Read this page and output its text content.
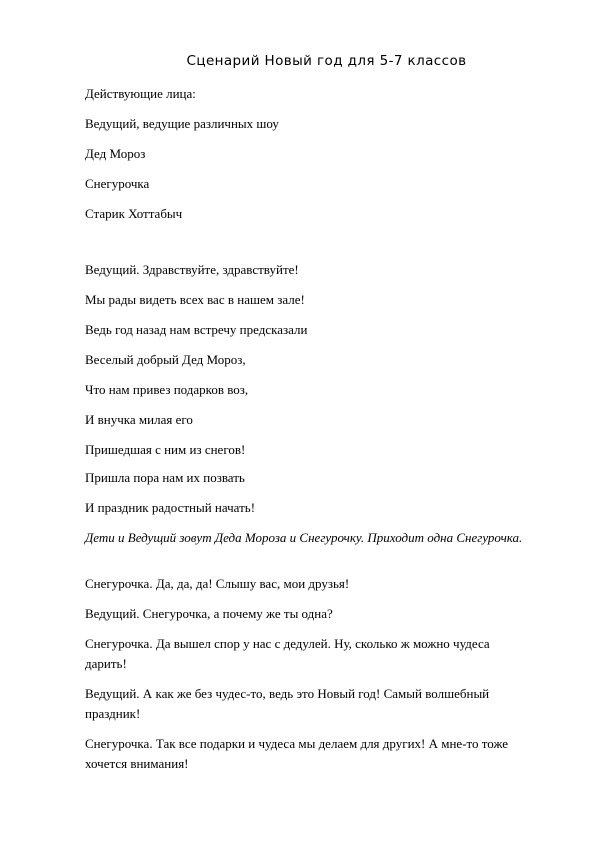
Сценарий Новый год для 5-7 классов
Действующие лица:
Ведущий, ведущие различных шоу
Дед Мороз
Снегурочка
Старик Хоттабыч
Ведущий. Здравствуйте, здравствуйте!
Мы рады видеть всех вас в нашем зале!
Ведь год назад нам встречу предсказали
Веселый добрый Дед Мороз,
Что нам привез подарков воз,
И внучка милая его
Пришедшая с ним из снегов!
Пришла пора нам их позвать
И праздник радостный начать!
Дети и Ведущий зовут Деда Мороза и Снегурочку. Приходит одна Снегурочка.
Снегурочка. Да, да, да! Слышу вас, мои друзья!
Ведущий. Снегурочка, а почему же ты одна?
Снегурочка. Да вышел спор у нас с дедулей. Ну, сколько ж можно чудеса дарить!
Ведущий. А как же без чудес-то, ведь это Новый год! Самый волшебный праздник!
Снегурочка. Так все подарки и чудеса мы делаем для других! А мне-то тоже хочется внимания!
